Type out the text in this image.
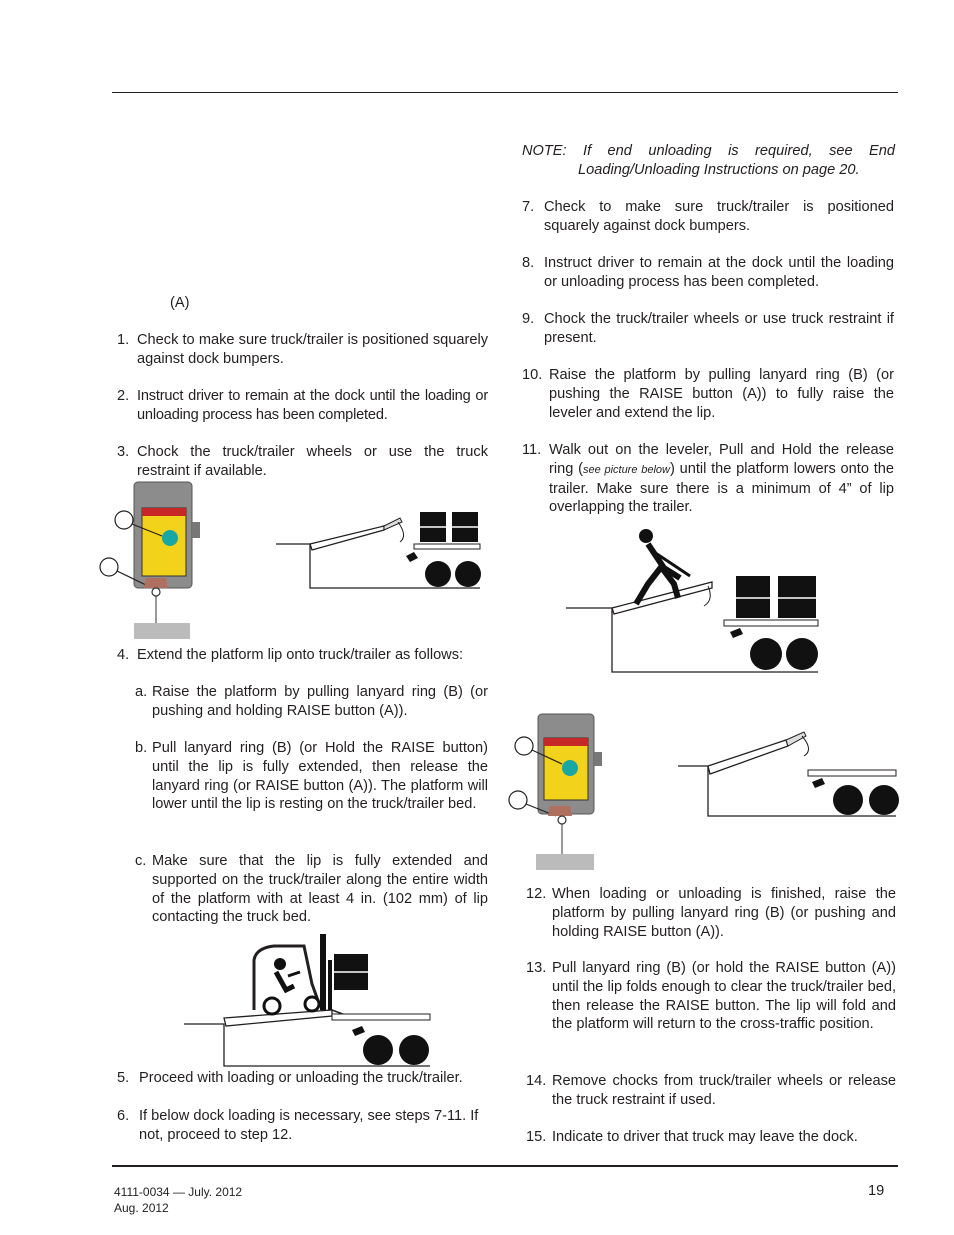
(A)
1. Check to make sure truck/trailer is positioned squarely against dock bumpers.
2. Instruct driver to remain at the dock until the loading or unloading process has been completed.
3. Chock the truck/trailer wheels or use the truck restraint if available.
4. Extend the platform lip onto truck/trailer as follows:
a. Raise the platform by pulling lanyard ring (B) (or pushing and holding RAISE button (A)).
b. Pull lanyard ring (B) (or Hold the RAISE button) until the lip is fully extended, then release the lanyard ring (or RAISE button (A)). The platform will lower until the lip is resting on the truck/trailer bed.
c. Make sure that the lip is fully extended and supported on the truck/trailer along the entire width of the platform with at least 4 in. (102 mm) of lip contacting the truck bed.
5. Proceed with loading or unloading the truck/trailer.
6. If below dock loading is necessary, see steps 7-11. If not, proceed to step 12.
NOTE: If end unloading is required, see End
Loading/Unloading Instructions on page 20.
7. Check to make sure truck/trailer is positioned squarely against dock bumpers.
8. Instruct driver to remain at the dock until the loading or unloading process has been completed.
9. Chock the truck/trailer wheels or use truck restraint if present.
10. Raise the platform by pulling lanyard ring (B) (or pushing the RAISE button (A)) to fully raise the leveler and extend the lip.
11. Walk out on the leveler, Pull and Hold the release ring (see picture below) until the platform lowers onto the trailer. Make sure there is a minimum of 4” of lip overlapping the trailer.
12. When loading or unloading is finished, raise the platform by pulling lanyard ring (B) (or pushing and holding RAISE button (A)).
13. Pull lanyard ring (B) (or hold the RAISE button (A)) until the lip folds enough to clear the truck/trailer bed, then release the RAISE button. The lip will fold and the platform will return to the cross-traffic position.
14. Remove chocks from truck/trailer wheels or release the truck restraint if used.
15. Indicate to driver that truck may leave the dock.
4111-0034 — July. 2012
Aug. 2012
19
